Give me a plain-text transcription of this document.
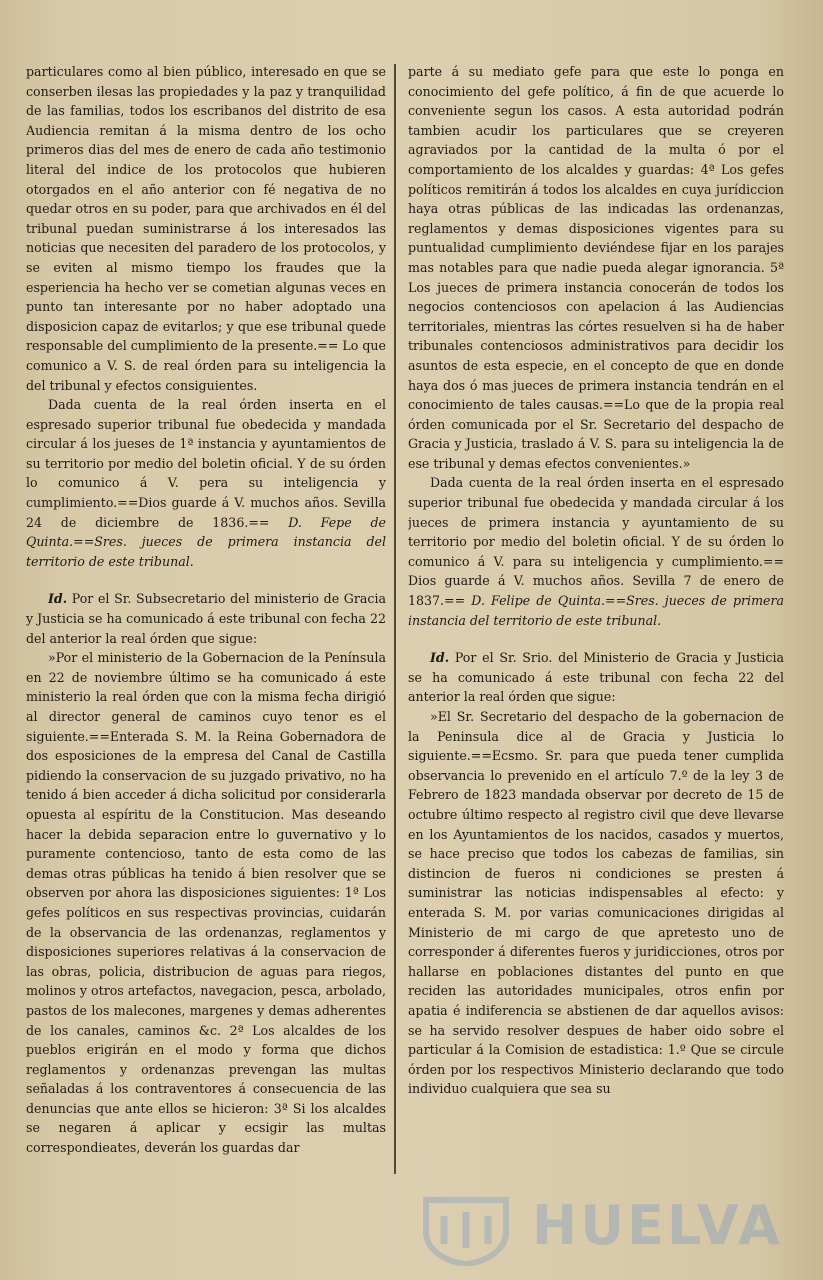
particulares como al bien público, interesado en que se conserben ilesas las propiedades y la paz y tranquilidad de las familias, todos los escribanos del distrito de esa Audiencia remitan á la misma dentro de los ocho primeros dias del mes de enero de cada año testimonio literal del indice de los protocolos que hubieren otorgados en el año anterior con fé negativa de no quedar otros en su poder, para que archivados en él del tribunal puedan suministrarse á los interesados las noticias que necesiten del paradero de los protocolos, y se eviten al mismo tiempo los fraudes que la esperiencia ha hecho ver se cometian algunas veces en punto tan interesante por no haber adoptado una disposicion capaz de evitarlos; y que ese tribunal quede responsable del cumplimiento de la presente.== Lo que comunico a V. S. de real órden para su inteligencia la del tribunal y efectos consiguientes.

Dada cuenta de la real órden inserta en el espresado superior tribunal fue obedecida y mandada circular á los jueses de 1ª instancia y ayuntamientos de su territorio por medio del boletin oficial. Y de su órden lo comunico á V. pera su inteligencia y cumplimiento.==Dios guarde á V. muchos años. Sevilla 24 de diciembre de 1836.== D. Fepe de Quinta.==Sres. jueces de primera instancia del territorio de este tribunal.

Id. Por el Sr. Subsecretario del ministerio de Gracia y Justicia se ha comunicado á este tribunal con fecha 22 del anterior la real órden que sigue:

»Por el ministerio de la Gobernacion de la Península en 22 de noviembre último se ha comunicado á este ministerio la real órden que con la misma fecha dirigió al director general de caminos cuyo tenor es el siguiente.==Enterada S. M. la Reina Gobernadora de dos esposiciones de la empresa del Canal de Castilla pidiendo la conservacion de su juzgado privativo, no ha tenido á bien acceder á dicha solicitud por considerarla opuesta al espíritu de la Constitucion. Mas deseando hacer la debida separacion entre lo guvernativo y lo puramente contencioso, tanto de esta como de las demas otras públicas ha tenido á bien resolver que se observen por ahora las disposiciones siguientes: 1ª Los gefes políticos en sus respectivas provincias, cuidarán de la observancia de las ordenanzas, reglamentos y disposiciones superiores relativas á la conservacion de las obras, policia, distribucion de aguas para riegos, molinos y otros artefactos, navegacion, pesca, arbolado, pastos de los malecones, margenes y demas adherentes de los canales, caminos &c. 2ª Los alcaldes de los pueblos erigirán en el modo y forma que dichos reglamentos y ordenanzas prevengan las multas señaladas á los contraventores á consecuencia de las denuncias que ante ellos se hicieron: 3ª Si los alcaldes se negaren á aplicar y ecsigir las multas correspondieates, deverán los guardas dar

parte á su mediato gefe para que este lo ponga en conocimiento del gefe político, á fin de que acuerde lo conveniente segun los casos. A esta autoridad podrán tambien acudir los particulares que se creyeren agraviados por la cantidad de la multa ó por el comportamiento de los alcaldes y guardas: 4ª Los gefes políticos remitirán á todos los alcaldes en cuya jurídiccion haya otras públicas de las indicadas las ordenanzas, reglamentos y demas disposiciones vigentes para su puntualidad cumplimiento deviéndese fijar en los parajes mas notables para que nadie pueda alegar ignorancia. 5ª Los jueces de primera instancia conocerán de todos los negocios contenciosos con apelacion á las Audiencias territoriales, mientras las córtes resuelven si ha de haber tribunales contenciosos administrativos para decidir los asuntos de esta especie, en el concepto de que en donde haya dos ó mas jueces de primera instancia tendrán en el conocimiento de tales causas.==Lo que de la propia real órden comunicada por el Sr. Secretario del despacho de Gracia y Justicia, traslado á V. S. para su inteligencia la de ese tribunal y demas efectos convenientes.»

Dada cuenta de la real órden inserta en el espresado superior tribunal fue obedecida y mandada circular á los jueces de primera instancia y ayuntamiento de su territorio por medio del boletin oficial. Y de su órden lo comunico á V. para su inteligencia y cumplimiento.== Dios guarde á V. muchos años. Sevilla 7 de enero de 1837.== D. Felipe de Quinta.==Sres. jueces de primera instancia del territorio de este tribunal.

Id. Por el Sr. Srio. del Ministerio de Gracia y Justicia se ha comunicado á este tribunal con fecha 22 del anterior la real órden que sigue:

»El Sr. Secretario del despacho de la gobernacion de la Peninsula dice al de Gracia y Justicia lo siguiente.==Ecsmo. Sr. para que pueda tener cumplida observancia lo prevenido en el artículo 7.º de la ley 3 de Febrero de 1823 mandada observar por decreto de 15 de octubre último respecto al registro civil que deve llevarse en los Ayuntamientos de los nacidos, casados y muertos, se hace preciso que todos los cabezas de familias, sin distincion de fueros ni condiciones se presten á suministrar las noticias indispensables al efecto: y enterada S. M. por varias comunicaciones dirigidas al Ministerio de mi cargo de que apretesto uno de corresponder á diferentes fueros y juridicciones, otros por hallarse en poblaciones distantes del punto en que reciden las autoridades municipales, otros enfin por apatia é indiferencia se abstienen de dar aquellos avisos: se ha servido resolver despues de haber oido sobre el particular á la Comision de estadistica: 1.º Que se circule órden por los respectivos Ministerio declarando que todo individuo cualquiera que sea su

HUELVA
